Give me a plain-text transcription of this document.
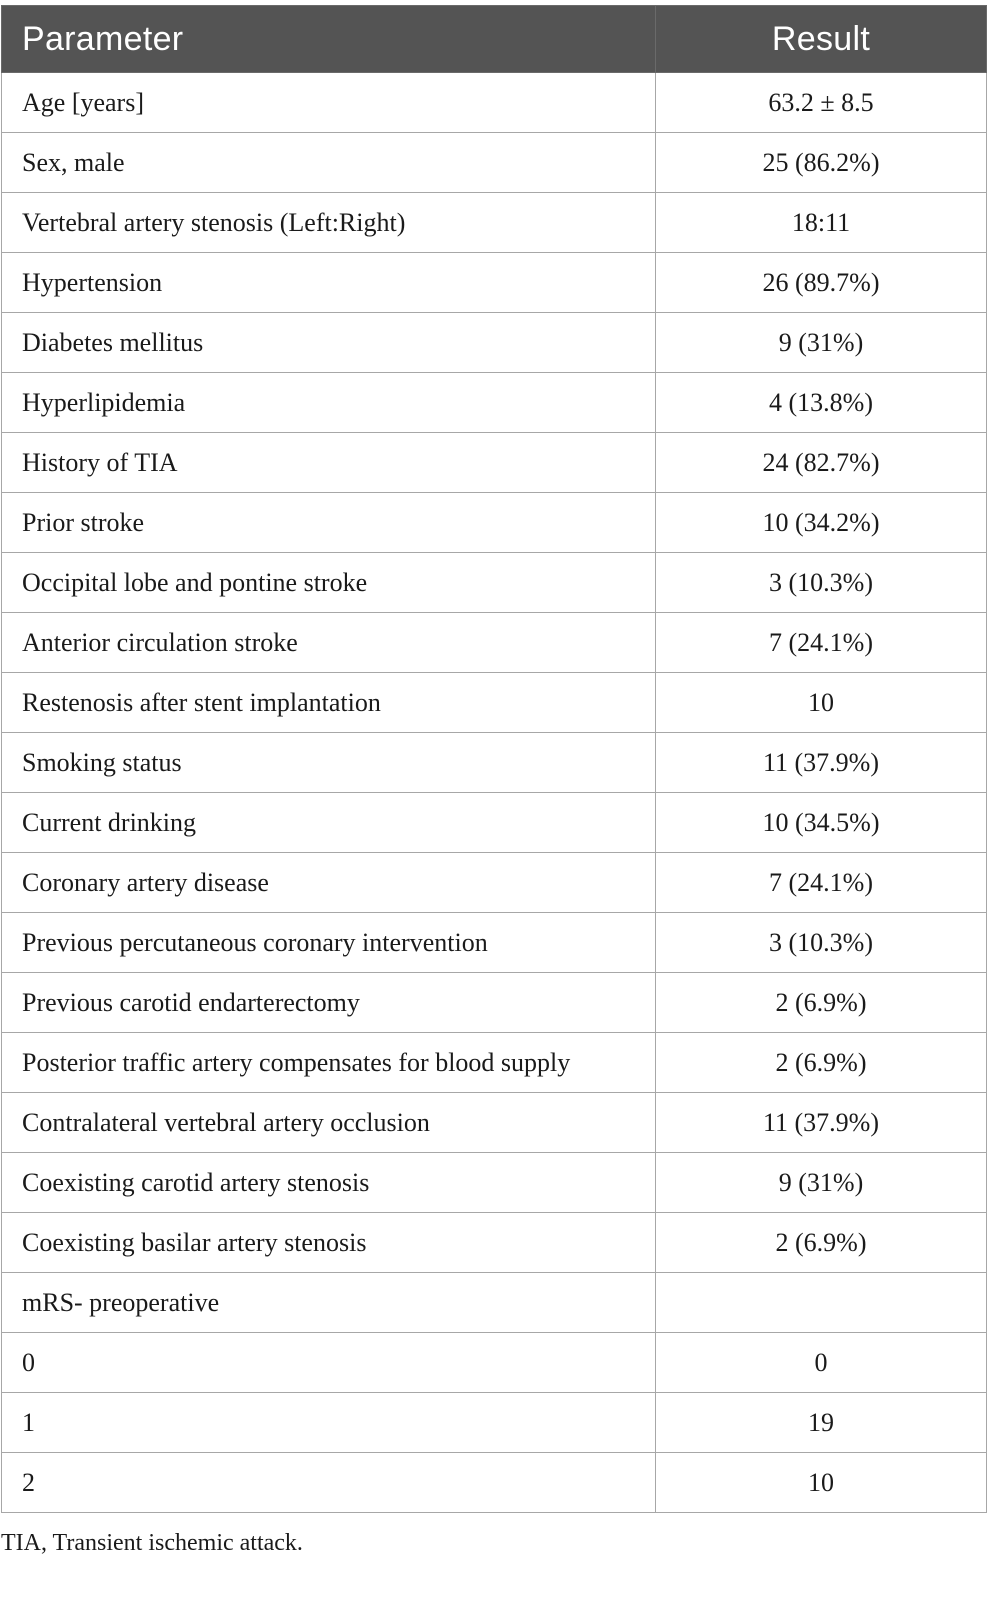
Parameter	Result
Age [years]	63.2 ± 8.5
Sex, male	25 (86.2%)
Vertebral artery stenosis (Left:Right)	18:11
Hypertension	26 (89.7%)
Diabetes mellitus	9 (31%)
Hyperlipidemia	4 (13.8%)
History of TIA	24 (82.7%)
Prior stroke	10 (34.2%)
Occipital lobe and pontine stroke	3 (10.3%)
Anterior circulation stroke	7 (24.1%)
Restenosis after stent implantation	10
Smoking status	11 (37.9%)
Current drinking	10 (34.5%)
Coronary artery disease	7 (24.1%)
Previous percutaneous coronary intervention	3 (10.3%)
Previous carotid endarterectomy	2 (6.9%)
Posterior traffic artery compensates for blood supply	2 (6.9%)
Contralateral vertebral artery occlusion	11 (37.9%)
Coexisting carotid artery stenosis	9 (31%)
Coexisting basilar artery stenosis	2 (6.9%)
mRS- preoperative	
0	0
1	19
2	10
TIA, Transient ischemic attack.
